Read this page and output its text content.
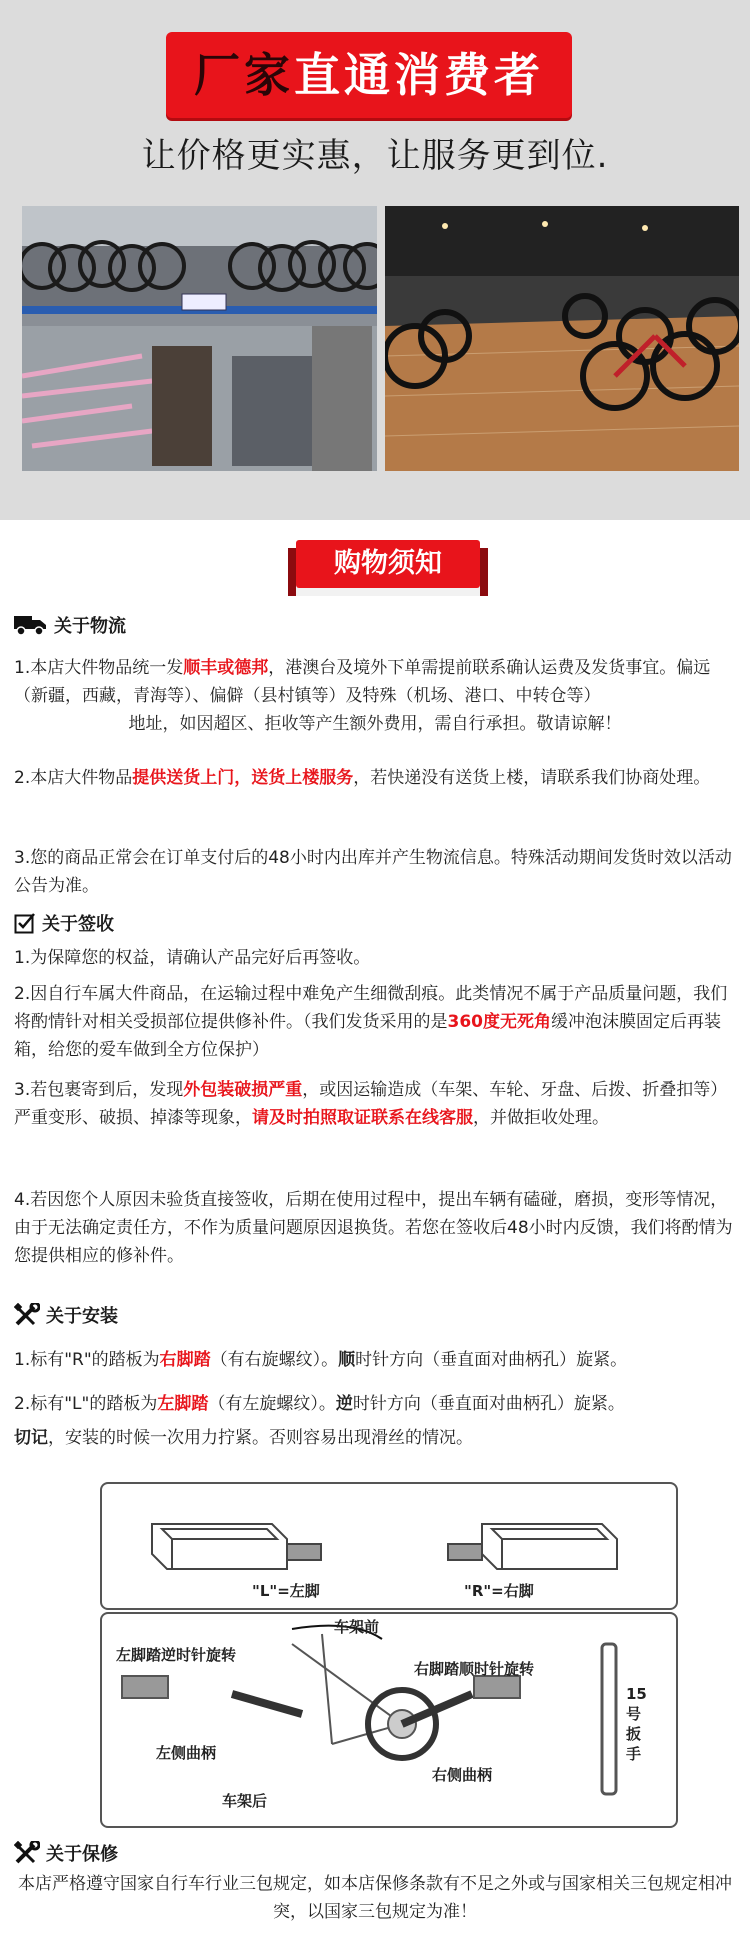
厂家直通消费者
让价格更实惠，让服务更到位.
购物须知
关于物流
1.本店大件物品统一发顺丰或德邦，港澳台及境外下单需提前联系确认运费及发货事宜。偏远（新疆，西藏，青海等）、偏僻（县村镇等）及特殊（机场、港口、中转仓等）
地址，如因超区、拒收等产生额外费用，需自行承担。敬请谅解！
2.本店大件物品提供送货上门，送货上楼服务，若快递没有送货上楼，请联系我们协商处理。
3.您的商品正常会在订单支付后的48小时内出库并产生物流信息。特殊活动期间发货时效以活动公告为准。
关于签收
1.为保障您的权益，请确认产品完好后再签收。
2.因自行车属大件商品，在运输过程中难免产生细微刮痕。此类情况不属于产品质量问题，我们将酌情针对相关受损部位提供修补件。（我们发货采用的是360度无死角缓冲泡沫膜固定后再装箱，给您的爱车做到全方位保护）
3.若包裹寄到后，发现外包装破损严重，或因运输造成（车架、车轮、牙盘、后拨、折叠扣等）严重变形、破损、掉漆等现象，请及时拍照取证联系在线客服，并做拒收处理。
4.若因您个人原因未验货直接签收，后期在使用过程中，提出车辆有磕碰，磨损，变形等情况，由于无法确定责任方，不作为质量问题原因退换货。若您在签收后48小时内反馈，我们将酌情为您提供相应的修补件。
关于安装
1.标有"R"的踏板为右脚踏（有右旋螺纹）。顺时针方向（垂直面对曲柄孔）旋紧。
2.标有"L"的踏板为左脚踏（有左旋螺纹）。逆时针方向（垂直面对曲柄孔）旋紧。
切记，安装的时候一次用力拧紧。否则容易出现滑丝的情况。
"L"=左脚	"R"=右脚
车架前
左脚踏逆时针旋转
右脚踏顺时针旋转
左侧曲柄
右侧曲柄
车架后
15
号
扳
手
关于保修
本店严格遵守国家自行车行业三包规定，如本店保修条款有不足之外或与国家相关三包规定相冲突，以国家三包规定为准！
